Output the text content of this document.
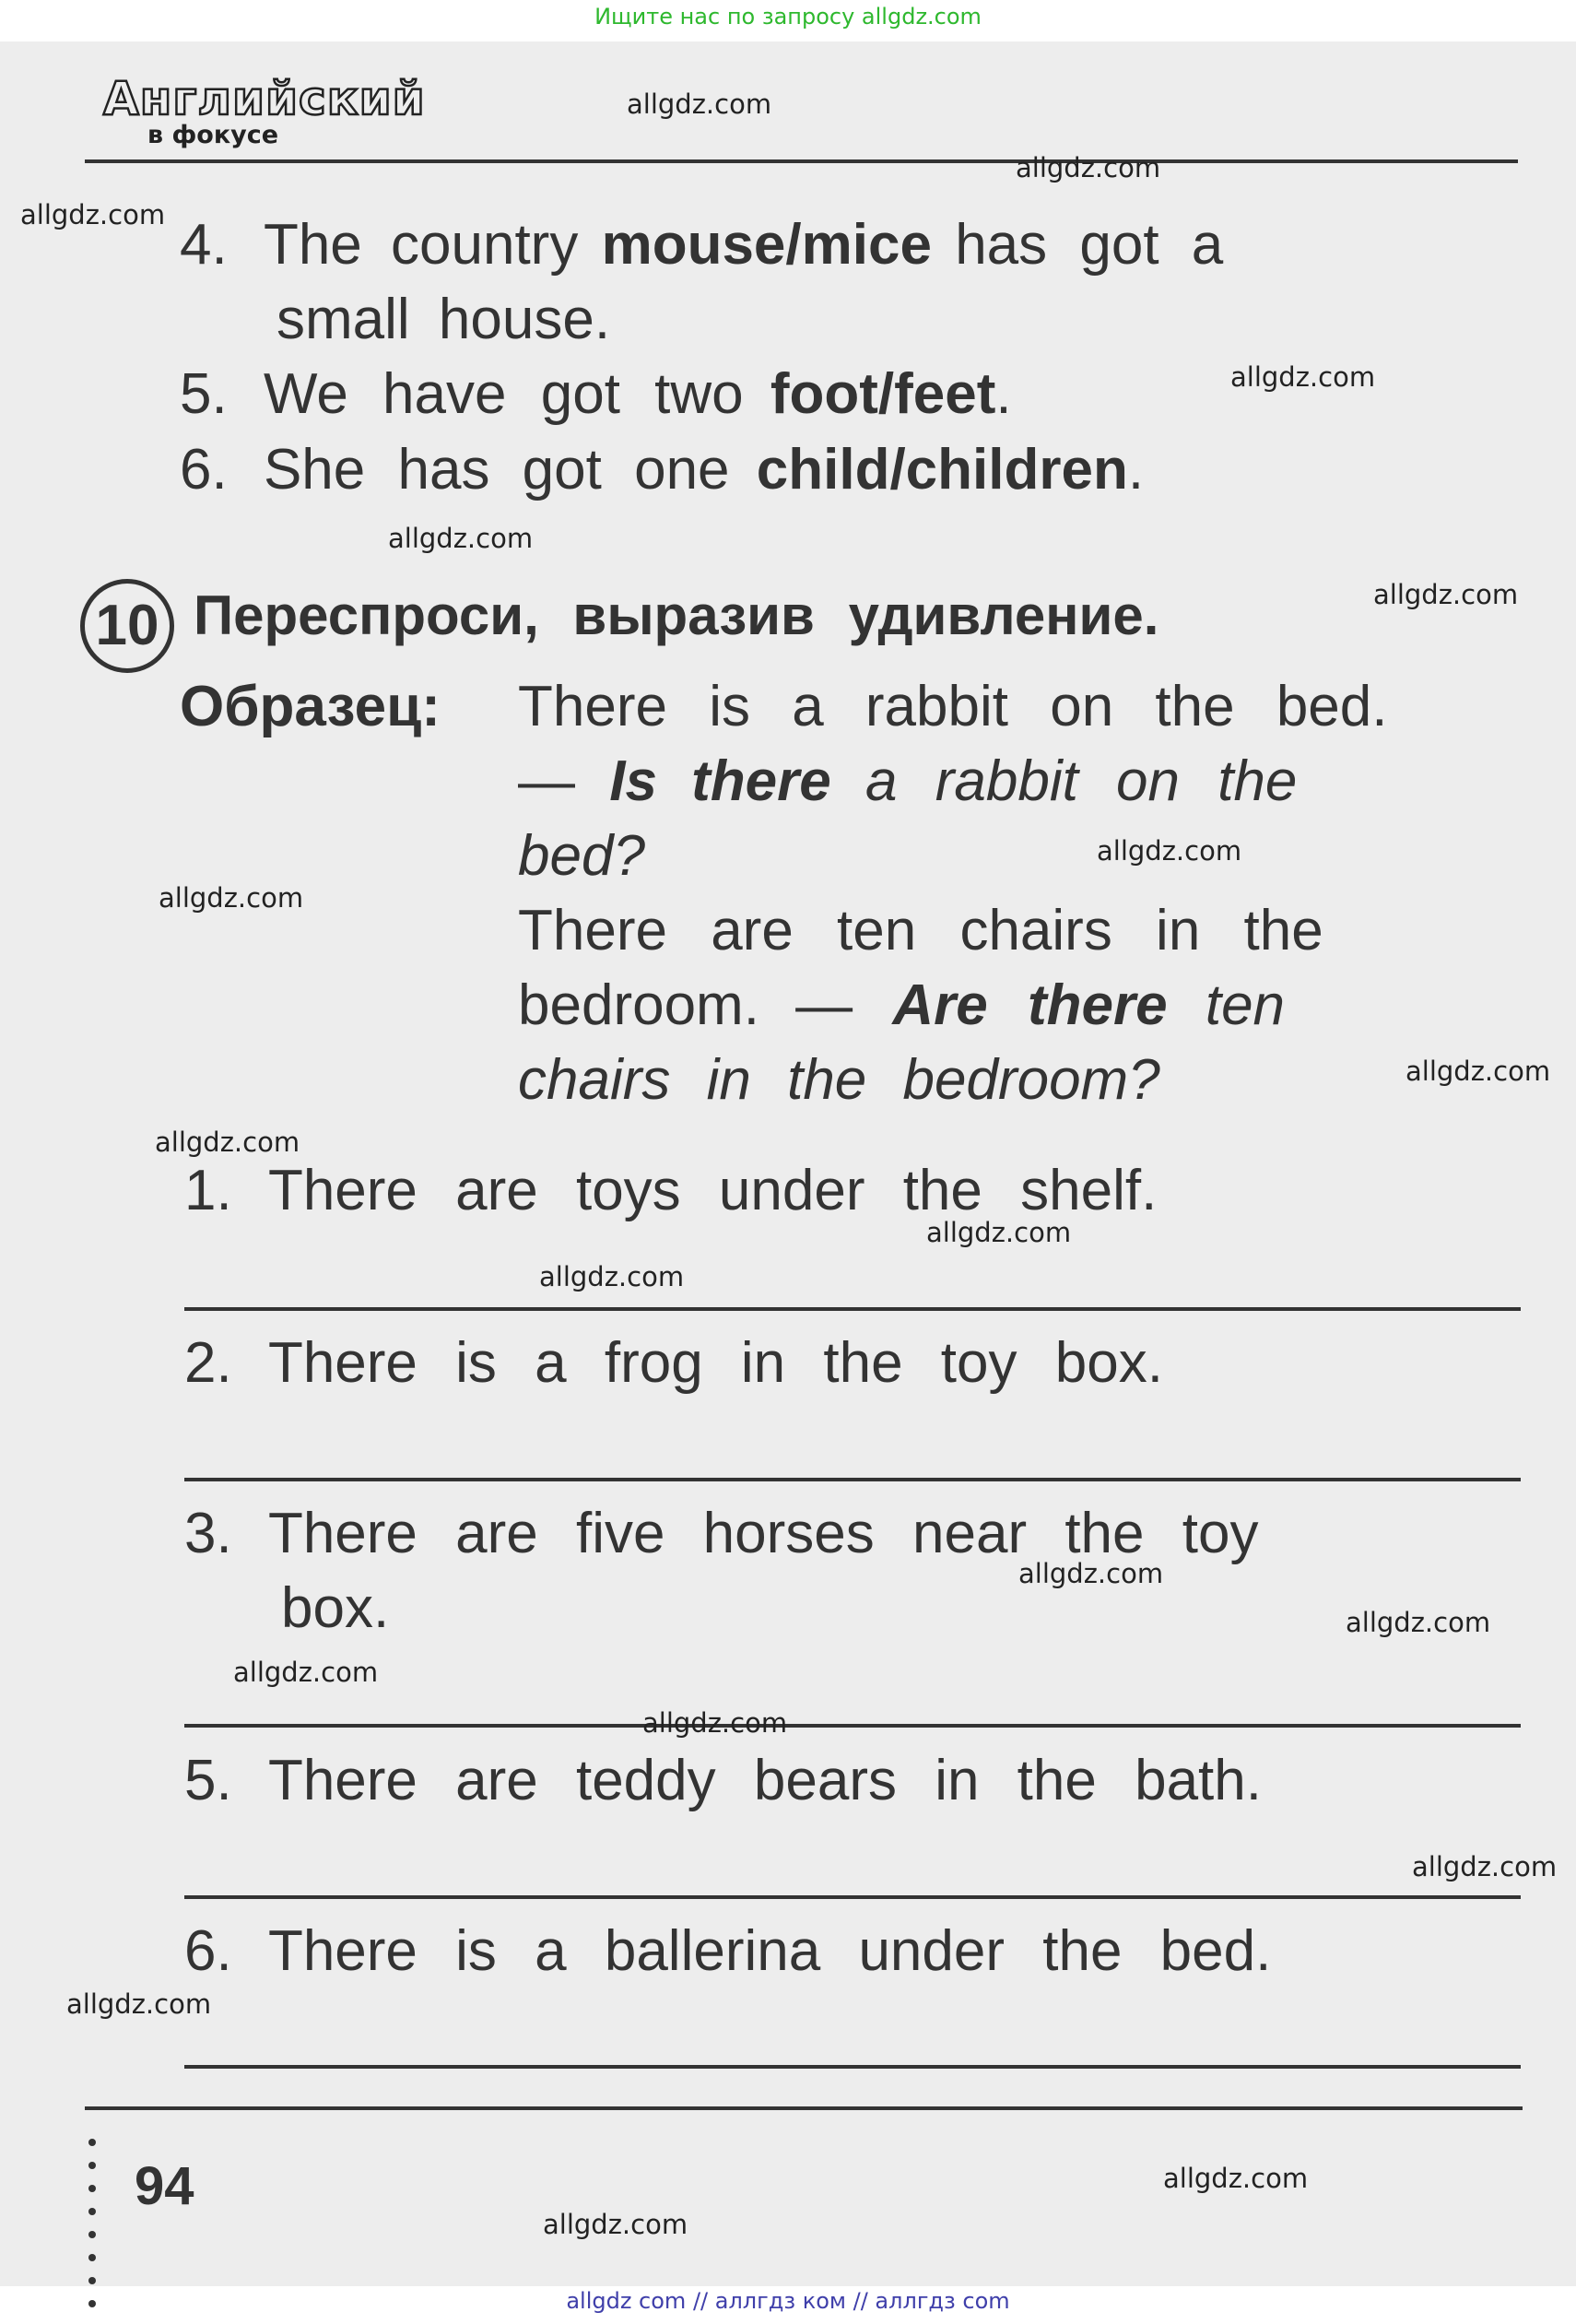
Ищите нас по запросу allgdz.com
Английский
в фокусе
4. The country mouse/mice has got a
small house.
5. We have got two foot/feet.
6. She has got one child/children.
10 Переспроси, выразив удивление.
Образец: There is a rabbit on the bed.
— Is there a rabbit on the
bed?
There are ten chairs in the
bedroom. — Are there ten
chairs in the bedroom?
1. There are toys under the shelf.
2. There is a frog in the toy box.
3. There are five horses near the toy
box.
5. There are teddy bears in the bath.
6. There is a ballerina under the bed.
94
allgdz.com
allgdz.com
allgdz.com
allgdz.com
allgdz.com
allgdz.com
allgdz.com
allgdz.com
allgdz.com
allgdz.com
allgdz.com
allgdz.com
allgdz.com
allgdz.com
allgdz.com
allgdz.com
allgdz.com
allgdz.com
allgdz.com
allgdz.com
allgdz com // аллгдз ком // аллгдз com
